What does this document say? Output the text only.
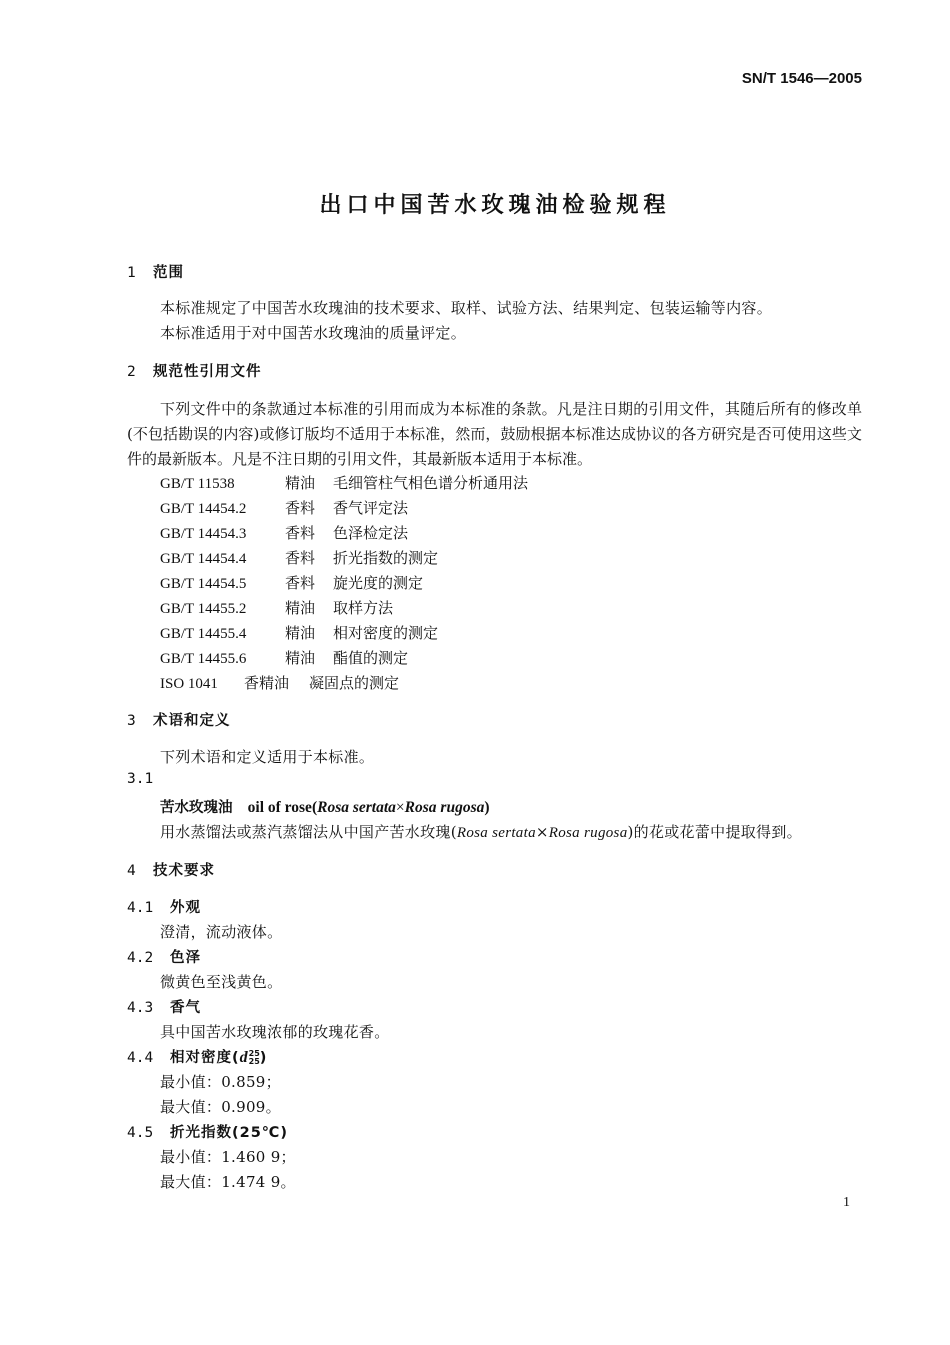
SN/T 1546—2005
出口中国苦水玫瑰油检验规程
1 范围
本标准规定了中国苦水玫瑰油的技术要求、取样、试验方法、结果判定、包装运输等内容。
本标准适用于对中国苦水玫瑰油的质量评定。
2 规范性引用文件
下列文件中的条款通过本标准的引用而成为本标准的条款。凡是注日期的引用文件，其随后所有的修改单(不包括勘误的内容)或修订版均不适用于本标准，然而，鼓励根据本标准达成协议的各方研究是否可使用这些文件的最新版本。凡是不注日期的引用文件，其最新版本适用于本标准。
GB/T 11538	精油 毛细管柱气相色谱分析通用法
GB/T 14454.2	香料 香气评定法
GB/T 14454.3	香料 色泽检定法
GB/T 14454.4	香料 折光指数的测定
GB/T 14454.5	香料 旋光度的测定
GB/T 14455.2	精油 取样方法
GB/T 14455.4	精油 相对密度的测定
GB/T 14455.6	精油 酯值的测定
ISO 1041 香精油 凝固点的测定
3 术语和定义
下列术语和定义适用于本标准。
3.1
苦水玫瑰油 oil of rose(Rosa sertata×Rosa rugosa)
用水蒸馏法或蒸汽蒸馏法从中国产苦水玫瑰(Rosa sertata×Rosa rugosa)的花或花蕾中提取得到。
4 技术要求
4.1 外观
澄清，流动液体。
4.2 色泽
微黄色至浅黄色。
4.3 香气
具中国苦水玫瑰浓郁的玫瑰花香。
4.4 相对密度(d 25
25 )
最小值：0.859；
最大值：0.909。
4.5 折光指数(25℃)
最小值：1.460 9；
最大值：1.474 9。
1
